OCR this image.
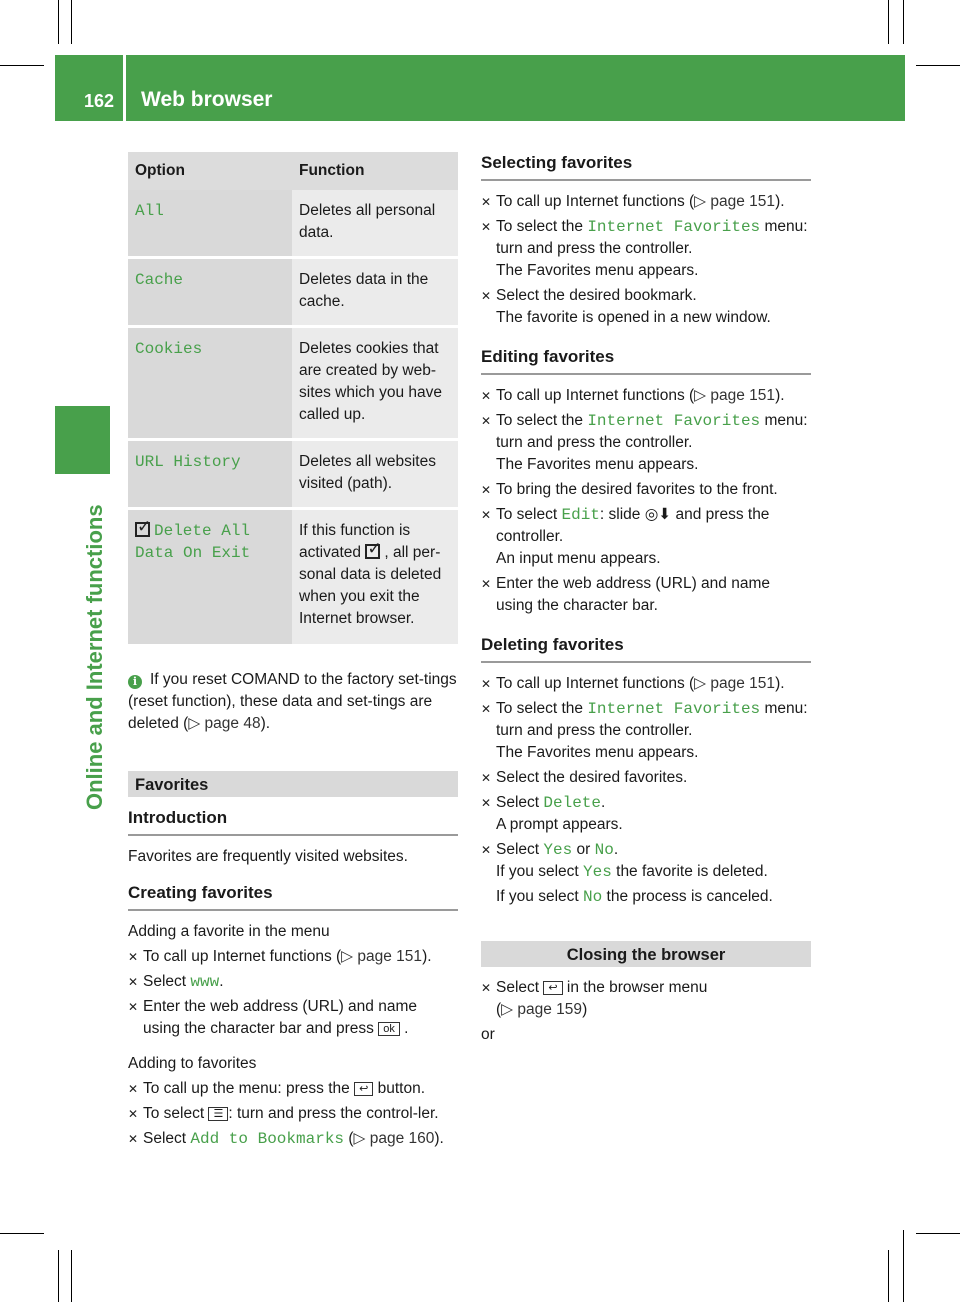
162 Web browser
Online and Internet functions
Option	Function
All	Deletes all personal data.
Cache	Deletes data in the cache.
Cookies	Deletes cookies that are created by web-sites which you have called up.
URL History	Deletes all websites visited (path).
✓Delete All
Data On Exit	If this function is activated ✓ , all per-sonal data is deleted when you exit the Internet browser.
i If you reset COMAND to the factory set-tings (reset function), these data and set-tings are deleted (▷ page 48).
Favorites
Introduction
Favorites are frequently visited websites.
Creating favorites
Adding a favorite in the menu
✕ To call up Internet functions (▷ page 151).
✕ Select www.
✕ Enter the web address (URL) and name using the character bar and press ok .
Adding to favorites
✕ To call up the menu: press the ↩ button.
✕ To select ☰ : turn and press the control-ler.
✕ Select Add to Bookmarks (▷ page 160).
Selecting favorites
✕ To call up Internet functions (▷ page 151).
✕ To select the Internet Favorites menu: turn and press the controller.
The Favorites menu appears.
✕ Select the desired bookmark.
The favorite is opened in a new window.
Editing favorites
✕ To call up Internet functions (▷ page 151).
✕ To select the Internet Favorites menu: turn and press the controller.
The Favorites menu appears.
✕ To bring the desired favorites to the front.
✕ To select Edit: slide ◎⬇ and press the controller.
An input menu appears.
✕ Enter the web address (URL) and name using the character bar.
Deleting favorites
✕ To call up Internet functions (▷ page 151).
✕ To select the Internet Favorites menu: turn and press the controller.
The Favorites menu appears.
✕ Select the desired favorites.
✕ Select Delete.
A prompt appears.
✕ Select Yes or No.
If you select Yes the favorite is deleted.
If you select No the process is canceled.
Closing the browser
✕ Select ↩ in the browser menu
(▷ page 159)
or
